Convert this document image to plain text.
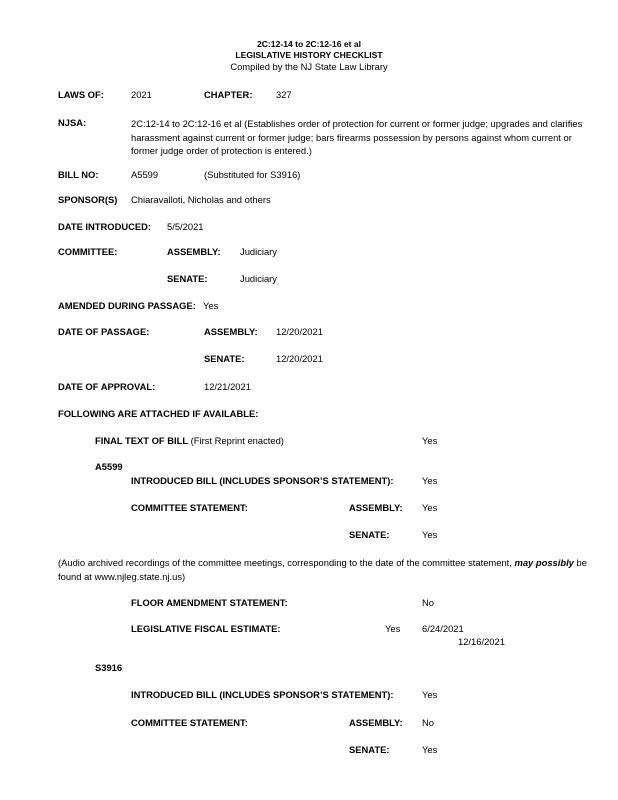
2C:12-14 to 2C:12-16 et al
LEGISLATIVE HISTORY CHECKLIST
Compiled by the NJ State Law Library
LAWS OF:	2021	CHAPTER:	327
NJSA:	2C:12-14 to 2C:12-16 et al (Establishes order of protection for current or former judge; upgrades and clarifies harassment against current or former judge; bars firearms possession by persons against whom current or former judge order of protection is entered.)
BILL NO:	A5599	(Substituted for S3916)
SPONSOR(S) Chiaravalloti, Nicholas and others
DATE INTRODUCED: 5/5/2021
COMMITTEE:	ASSEMBLY: Judiciary
SENATE:	Judiciary
AMENDED DURING PASSAGE: Yes
DATE OF PASSAGE:	ASSEMBLY: 12/20/2021
SENATE:	12/20/2021
DATE OF APPROVAL:	12/21/2021
FOLLOWING ARE ATTACHED IF AVAILABLE:
FINAL TEXT OF BILL (First Reprint enacted)	Yes
A5599
INTRODUCED BILL (INCLUDES SPONSOR’S STATEMENT):	Yes
COMMITTEE STATEMENT:	ASSEMBLY: Yes
SENATE:	Yes
(Audio archived recordings of the committee meetings, corresponding to the date of the committee statement, may possibly be found at www.njleg.state.nj.us)
FLOOR AMENDMENT STATEMENT:	No
LEGISLATIVE FISCAL ESTIMATE:	Yes 6/24/2021
12/16/2021
S3916
INTRODUCED BILL (INCLUDES SPONSOR’S STATEMENT):	Yes
COMMITTEE STATEMENT:	ASSEMBLY: No
SENATE:	Yes
